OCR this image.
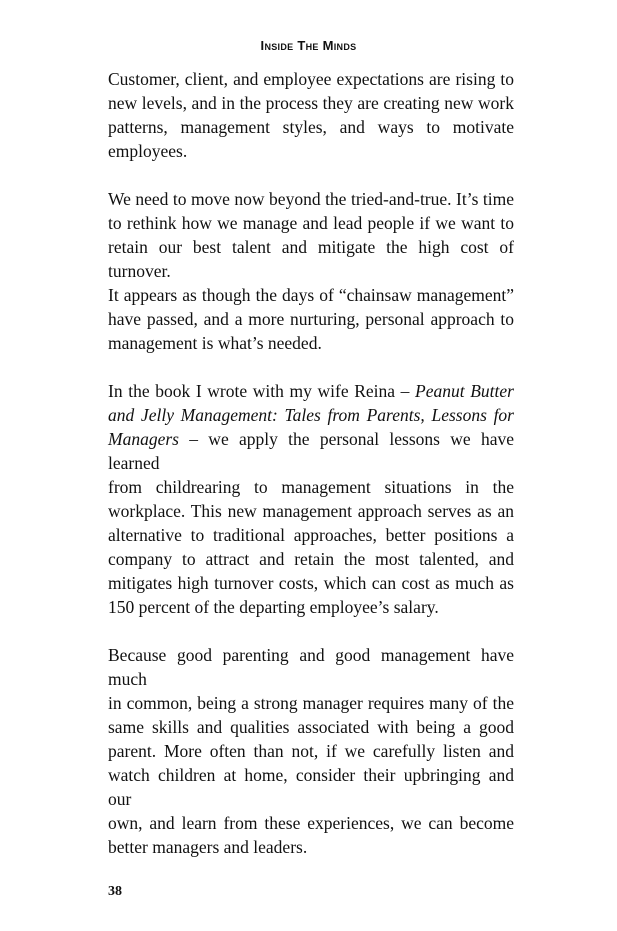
Inside The Minds
Customer, client, and employee expectations are rising to
new levels, and in the process they are creating new work
patterns, management styles, and ways to motivate
employees.
We need to move now beyond the tried-and-true. It’s time
to rethink how we manage and lead people if we want to
retain our best talent and mitigate the high cost of turnover.
It appears as though the days of “chainsaw management”
have passed, and a more nurturing, personal approach to
management is what’s needed.
In the book I wrote with my wife Reina – Peanut Butter
and Jelly Management: Tales from Parents, Lessons for
Managers – we apply the personal lessons we have learned
from childrearing to management situations in the
workplace. This new management approach serves as an
alternative to traditional approaches, better positions a
company to attract and retain the most talented, and
mitigates high turnover costs, which can cost as much as
150 percent of the departing employee’s salary.
Because good parenting and good management have much
in common, being a strong manager requires many of the
same skills and qualities associated with being a good
parent. More often than not, if we carefully listen and
watch children at home, consider their upbringing and our
own, and learn from these experiences, we can become
better managers and leaders.
38
